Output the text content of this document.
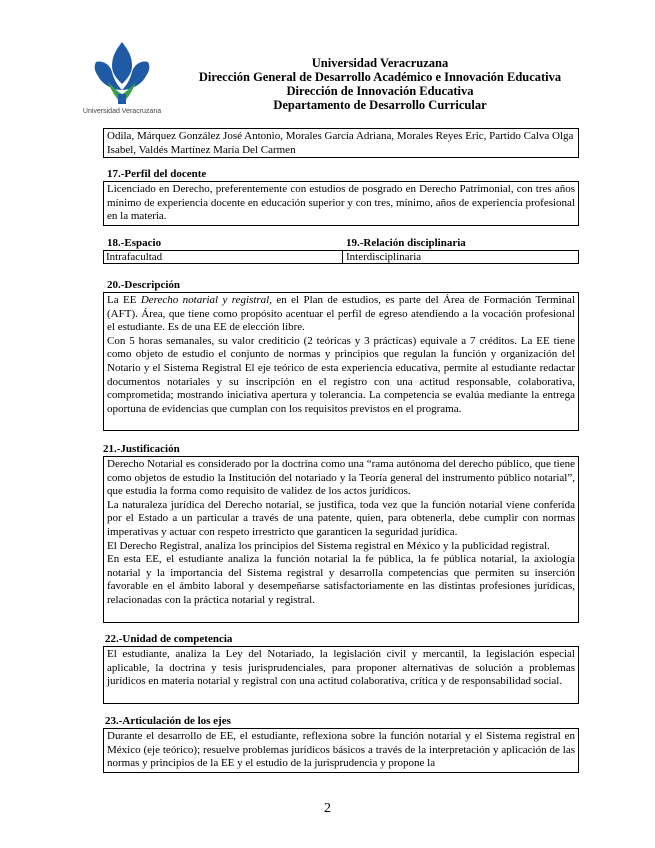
Universidad Veracruzana
Universidad Veracruzana
Dirección General de Desarrollo Académico e Innovación Educativa
Dirección de Innovación Educativa
Departamento de Desarrollo Curricular

Odila, Márquez González José Antonio, Morales García Adriana, Morales Reyes Eric, Partido Calva Olga Isabel, Valdés Martínez María Del Carmen

17.-Perfil del docente

Licenciado en Derecho, preferentemente con estudios de posgrado en Derecho Patrimonial, con tres años mínimo de experiencia docente en educación superior y con tres, mínimo, años de experiencia profesional en la materia.

18.-Espacio	19.-Relación disciplinaria
Intrafacultad	Interdisciplinaria
20.-Descripción

La EE Derecho notarial y registral, en el Plan de estudios, es parte del Área de Formación Terminal (AFT). Área, que tiene como propósito acentuar el perfil de egreso atendiendo a la vocación profesional el estudiante. Es de una EE de elección libre.

Con 5 horas semanales, su valor crediticio (2 teóricas y 3 prácticas) equivale a 7 créditos. La EE tiene como objeto de estudio el conjunto de normas y principios que regulan la función y organización del Notario y el Sistema Registral El eje teórico de esta experiencia educativa, permite al estudiante redactar documentos notariales y su inscripción en el registro con una actitud responsable, colaborativa, comprometida; mostrando iniciativa apertura y tolerancia. La competencia se evalúa mediante la entrega oportuna de evidencias que cumplan con los requisitos previstos en el programa.

21.-Justificación

Derecho Notarial es considerado por la doctrina como una “rama autónoma del derecho público, que tiene como objetos de estudio la Institución del notariado y la Teoría general del instrumento público notarial”, que estudia la forma como requisito de validez de los actos jurídicos.

La naturaleza jurídica del Derecho notarial, se justifica, toda vez que la función notarial viene conferida por el Estado a un particular a través de una patente, quien, para obtenerla, debe cumplir con normas imperativas y actuar con respeto irrestricto que garanticen la seguridad jurídica.

El Derecho Registral, analiza los principios del Sistema registral en México y la publicidad registral.

En esta EE, el estudiante analiza la función notarial la fe pública, la fe pública notarial, la axiología notarial y la importancia del Sistema registral y desarrolla competencias que permiten su inserción favorable en el ámbito laboral y desempeñarse satisfactoriamente en las distintas profesiones jurídicas, relacionadas con la práctica notarial y registral.

22.-Unidad de competencia

El estudiante, analiza la Ley del Notariado, la legislación civil y mercantil, la legislación especial aplicable, la doctrina y tesis jurisprudenciales, para proponer alternativas de solución a problemas jurídicos en materia notarial y registral con una actitud colaborativa, crítica y de responsabilidad social.

23.-Articulación de los ejes

Durante el desarrollo de EE, el estudiante, reflexiona sobre la función notarial y el Sistema registral en México (eje teórico); resuelve problemas jurídicos básicos a través de la interpretación y aplicación de las normas y principios de la EE y el estudio de la jurisprudencia y propone la

2
